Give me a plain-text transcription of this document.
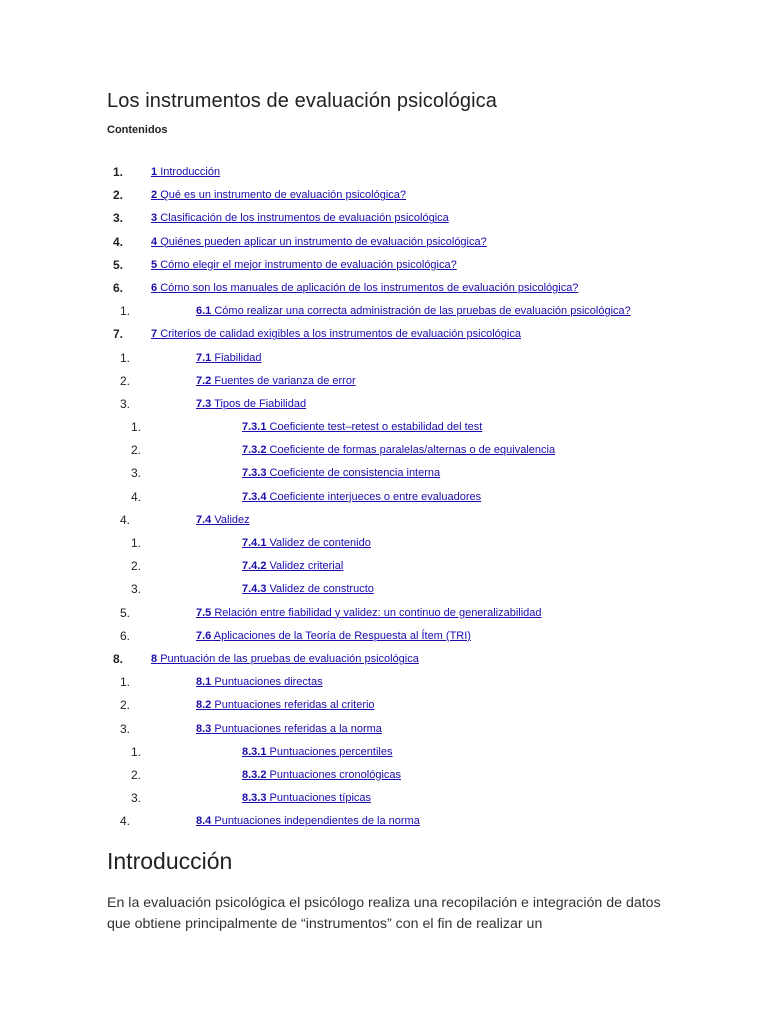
Los instrumentos de evaluación psicológica
Contenidos
1.	1 Introducción
2.	2 Qué es un instrumento de evaluación psicológica?
3.	3 Clasificación de los instrumentos de evaluación psicológica
4.	4 Quiénes pueden aplicar un instrumento de evaluación psicológica?
5.	5 Cómo elegir el mejor instrumento de evaluación psicológica?
6.	6 Cómo son los manuales de aplicación de los instrumentos de evaluación psicológica?
1.	6.1 Cómo realizar una correcta administración de las pruebas de evaluación psicológica?
7.	7 Criterios de calidad exigibles a los instrumentos de evaluación psicológica
1.	7.1 Fiabilidad
2.	7.2 Fuentes de varianza de error
3.	7.3 Tipos de Fiabilidad
1.	7.3.1 Coeficiente test–retest o estabilidad del test
2.	7.3.2 Coeficiente de formas paralelas/alternas o de equivalencia
3.	7.3.3 Coeficiente de consistencia interna
4.	7.3.4 Coeficiente interjueces o entre evaluadores
4.	7.4 Validez
1.	7.4.1 Validez de contenido
2.	7.4.2 Validez criterial
3.	7.4.3 Validez de constructo
5.	7.5 Relación entre fiabilidad y validez: un continuo de generalizabilidad
6.	7.6 Aplicaciones de la Teoría de Respuesta al Ítem (TRI)
8.	8 Puntuación de las pruebas de evaluación psicológica
1.	8.1 Puntuaciones directas
2.	8.2 Puntuaciones referidas al criterio
3.	8.3 Puntuaciones referidas a la norma
1.	8.3.1 Puntuaciones percentiles
2.	8.3.2 Puntuaciones cronológicas
3.	8.3.3 Puntuaciones típicas
4.	8.4 Puntuaciones independientes de la norma
Introducción

En la evaluación psicológica el psicólogo realiza una recopilación e integración de datos que obtiene principalmente de “instrumentos” con el fin de realizar un
